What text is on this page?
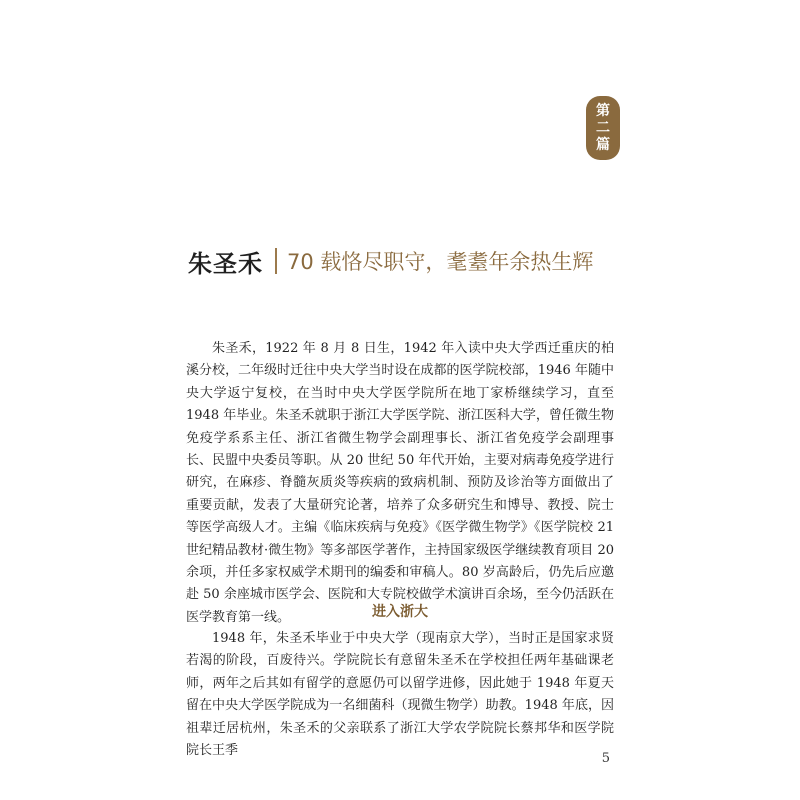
第
二
篇
朱圣禾 70 载恪尽职守，耄耋年余热生辉

朱圣禾，1922 年 8 月 8 日生，1942 年入读中央大学西迁重庆的柏溪分校，二年级时迁往中央大学当时设在成都的医学院校部，1946 年随中央大学返宁复校，在当时中央大学医学院所在地丁家桥继续学习，直至 1948 年毕业。朱圣禾就职于浙江大学医学院、浙江医科大学，曾任微生物免疫学系系主任、浙江省微生物学会副理事长、浙江省免疫学会副理事长、民盟中央委员等职。从 20 世纪 50 年代开始，主要对病毒免疫学进行研究，在麻疹、脊髓灰质炎等疾病的致病机制、预防及诊治等方面做出了重要贡献，发表了大量研究论著，培养了众多研究生和博导、教授、院士等医学高级人才。主编《临床疾病与免疫》《医学微生物学》《医学院校 21 世纪精品教材·微生物》等多部医学著作，主持国家级医学继续教育项目 20 余项，并任多家权威学术期刊的编委和审稿人。80 岁高龄后，仍先后应邀赴 50 余座城市医学会、医院和大专院校做学术演讲百余场，至今仍活跃在医学教育第一线。	进入浙大

1948 年，朱圣禾毕业于中央大学（现南京大学），当时正是国家求贤若渴的阶段，百废待兴。学院院长有意留朱圣禾在学校担任两年基础课老师，两年之后其如有留学的意愿仍可以留学进修，因此她于 1948 年夏天留在中央大学医学院成为一名细菌科（现微生物学）助教。1948 年底，因祖辈迁居杭州，朱圣禾的父亲联系了浙江大学农学院院长蔡邦华和医学院院长王季

5
